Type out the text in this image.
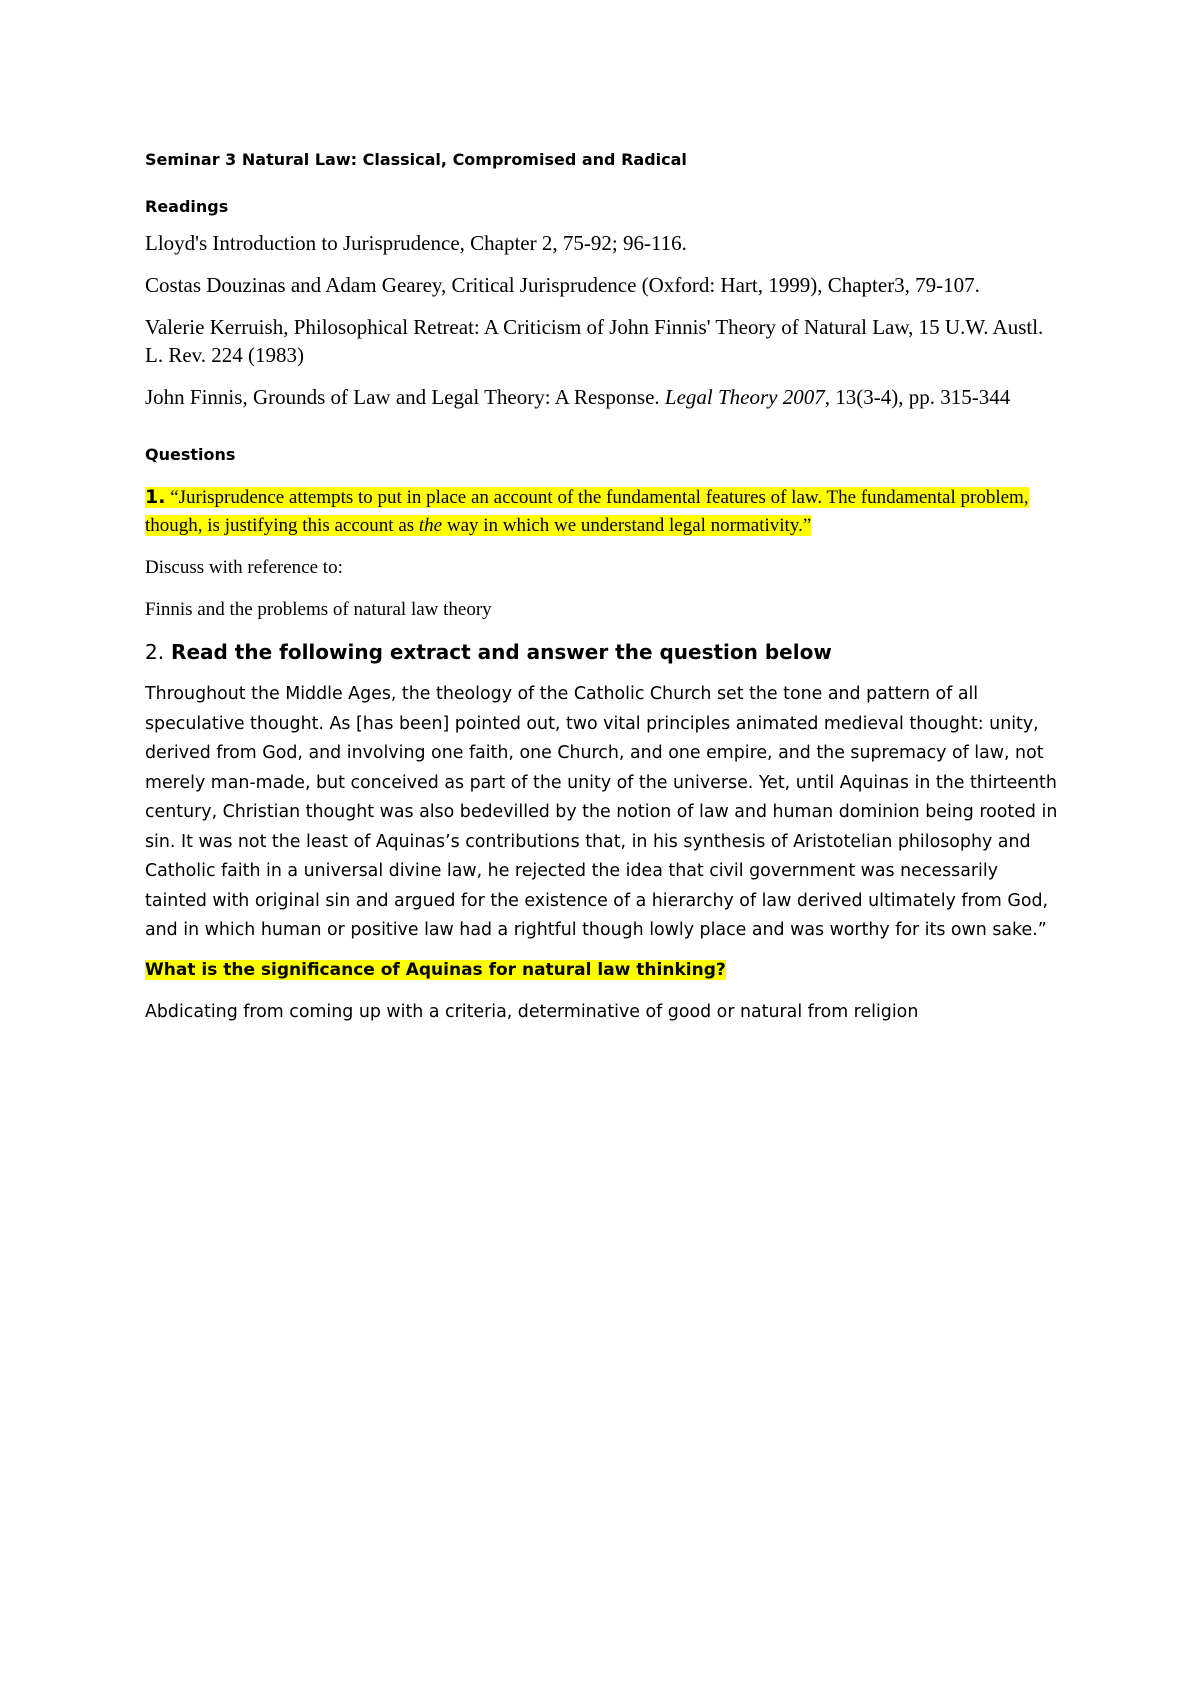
Seminar 3 Natural Law: Classical, Compromised and Radical
Readings
Lloyd's Introduction to Jurisprudence, Chapter 2, 75-92; 96-116.
Costas Douzinas and Adam Gearey, Critical Jurisprudence (Oxford: Hart, 1999), Chapter3, 79-107.
Valerie Kerruish, Philosophical Retreat: A Criticism of John Finnis' Theory of Natural Law, 15 U.W. Austl. L. Rev. 224 (1983)
John Finnis, Grounds of Law and Legal Theory: A Response. Legal Theory 2007, 13(3-4), pp. 315-344
Questions
1. “Jurisprudence attempts to put in place an account of the fundamental features of law. The fundamental problem, though, is justifying this account as the way in which we understand legal normativity.”
Discuss with reference to:
Finnis and the problems of natural law theory
2. Read the following extract and answer the question below
Throughout the Middle Ages, the theology of the Catholic Church set the tone and pattern of all speculative thought. As [has been] pointed out, two vital principles animated medieval thought: unity, derived from God, and involving one faith, one Church, and one empire, and the supremacy of law, not merely man-made, but conceived as part of the unity of the universe. Yet, until Aquinas in the thirteenth century, Christian thought was also bedevilled by the notion of law and human dominion being rooted in sin. It was not the least of Aquinas’s contributions that, in his synthesis of Aristotelian philosophy and Catholic faith in a universal divine law, he rejected the idea that civil government was necessarily tainted with original sin and argued for the existence of a hierarchy of law derived ultimately from God, and in which human or positive law had a rightful though lowly place and was worthy for its own sake.”
What is the significance of Aquinas for natural law thinking?
Abdicating from coming up with a criteria, determinative of good or natural from religion
